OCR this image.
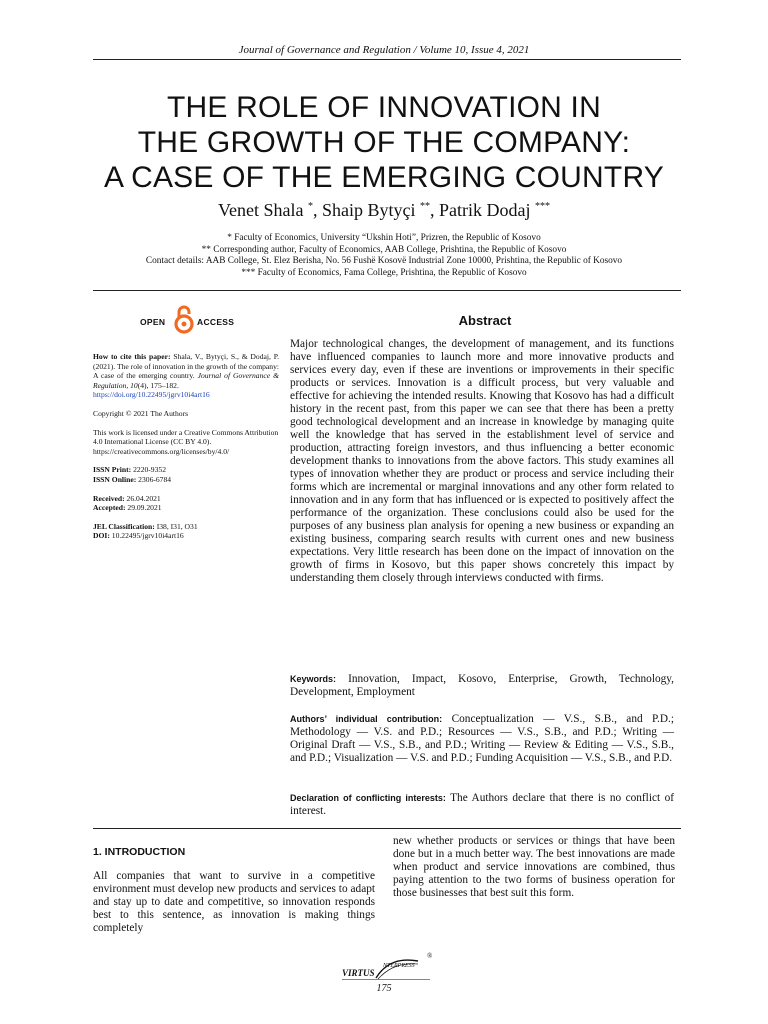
Journal of Governance and Regulation / Volume 10, Issue 4, 2021
THE ROLE OF INNOVATION IN
THE GROWTH OF THE COMPANY:
A CASE OF THE EMERGING COUNTRY
Venet Shala *, Shaip Bytyçi **, Patrik Dodaj ***
* Faculty of Economics, University “Ukshin Hoti”, Prizren, the Republic of Kosovo
** Corresponding author, Faculty of Economics, AAB College, Prishtina, the Republic of Kosovo
Contact details: AAB College, St. Elez Berisha, No. 56 Fushë Kosovë Industrial Zone 10000, Prishtina, the Republic of Kosovo
*** Faculty of Economics, Fama College, Prishtina, the Republic of Kosovo
OPEN	ACCESS

How to cite this paper: Shala, V., Bytyçi, S., & Dodaj, P. (2021). The role of innovation in the growth of the company: A case of the emerging country. Journal of Governance & Regulation, 10(4), 175–182.
https://doi.org/10.22495/jgrv10i4art16

Copyright © 2021 The Authors

This work is licensed under a Creative Commons Attribution 4.0 International License (CC BY 4.0). https://creativecommons.org/licenses/by/4.0/

ISSN Print: 2220-9352
ISSN Online: 2306-6784

Received: 26.04.2021
Accepted: 29.09.2021

JEL Classification: I38, I31, O31
DOI: 10.22495/jgrv10i4art16

Abstract
Major technological changes, the development of management, and its functions have influenced companies to launch more and more innovative products and services every day, even if these are inventions or improvements in their specific products or services. Innovation is a difficult process, but very valuable and effective for achieving the intended results. Knowing that Kosovo has had a difficult history in the recent past, from this paper we can see that there has been a pretty good technological development and an increase in knowledge by managing quite well the knowledge that has served in the establishment level of service and production, attracting foreign investors, and thus influencing a better economic development thanks to innovations from the above factors. This study examines all types of innovation whether they are product or process and service including their forms which are incremental or marginal innovations and any other form related to innovation and in any form that has influenced or is expected to positively affect the performance of the organization. These conclusions could also be used for the purposes of any business plan analysis for opening a new business or expanding an existing business, comparing search results with current ones and new business expectations. Very little research has been done on the impact of innovation on the growth of firms in Kosovo, but this paper shows concretely this impact by understanding them closely through interviews conducted with firms.
Keywords: Innovation, Impact, Kosovo, Enterprise, Growth, Technology, Development, Employment
Authors’ individual contribution: Conceptualization — V.S., S.B., and P.D.; Methodology — V.S. and P.D.; Resources — V.S., S.B., and P.D.; Writing — Original Draft — V.S., S.B., and P.D.; Writing — Review & Editing — V.S., S.B., and P.D.; Visualization — V.S. and P.D.; Funding Acquisition — V.S., S.B., and P.D.
Declaration of conflicting interests: The Authors declare that there is no conflict of interest.
1. INTRODUCTION
All companies that want to survive in a competitive environment must develop new products and services to adapt and stay up to date and competitive, so innovation responds best to this sentence, as innovation is making things completely
new whether products or services or things that have been done but in a much better way. The best innovations are made when product and service innovations are combined, thus paying attention to the two forms of business operation for those businesses that best suit this form.
VIRTUS
NTERPRESS
®
175
